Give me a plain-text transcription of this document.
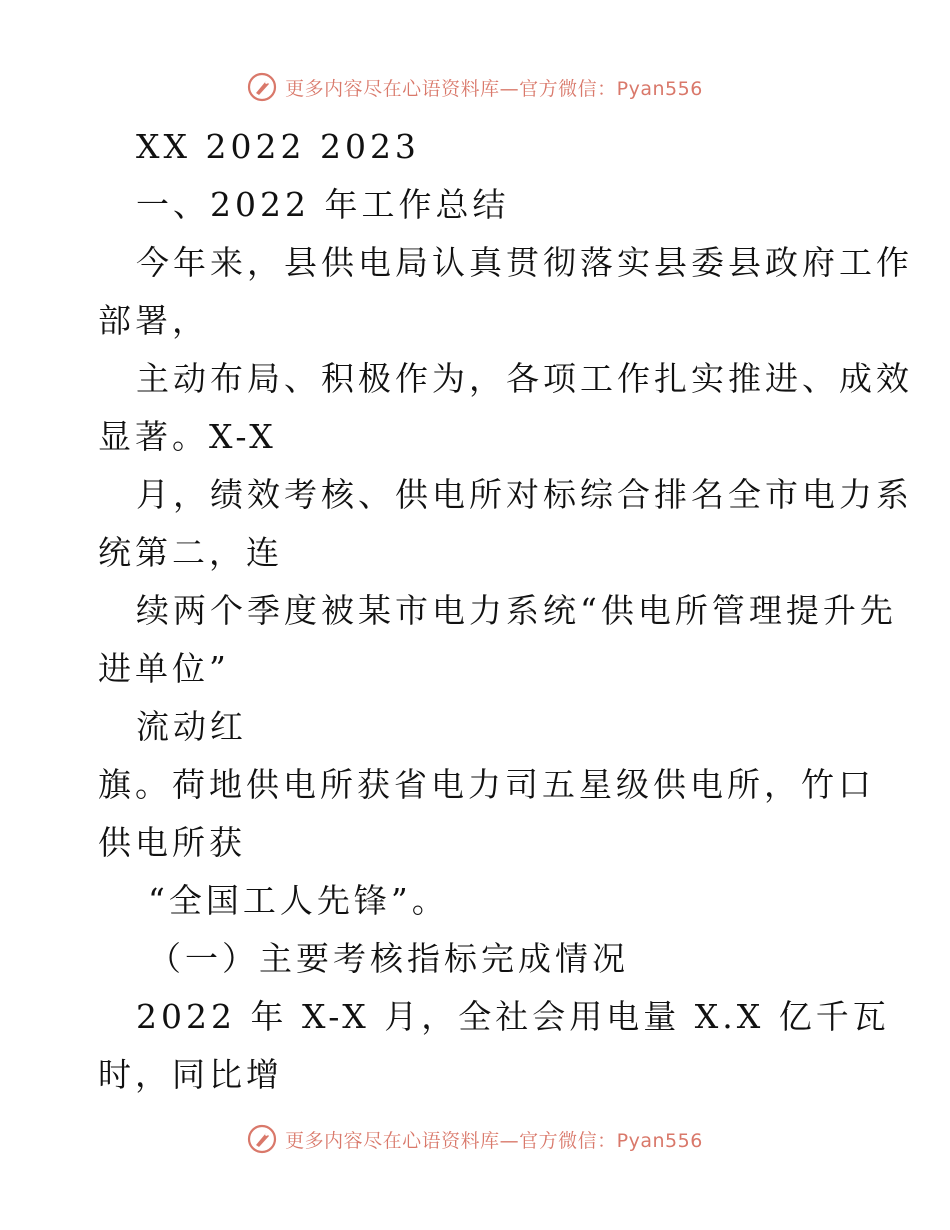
更多内容尽在心语资料库—官方微信：Pyan556
XX 2022 2023
一、2022 年工作总结
今年来，县供电局认真贯彻落实县委县政府工作
部署，
主动布局、积极作为，各项工作扎实推进、成效
显著。X-X
月，绩效考核、供电所对标综合排名全市电力系
统第二，连
续两个季度被某市电力系统“供电所管理提升先
进单位”
流动红
旗。荷地供电所获省电力司五星级供电所，竹口
供电所获
“全国工人先锋”。
（一）主要考核指标完成情况
2022 年 X-X 月，全社会用电量 X.X 亿千瓦
时，同比增
更多内容尽在心语资料库—官方微信：Pyan556
